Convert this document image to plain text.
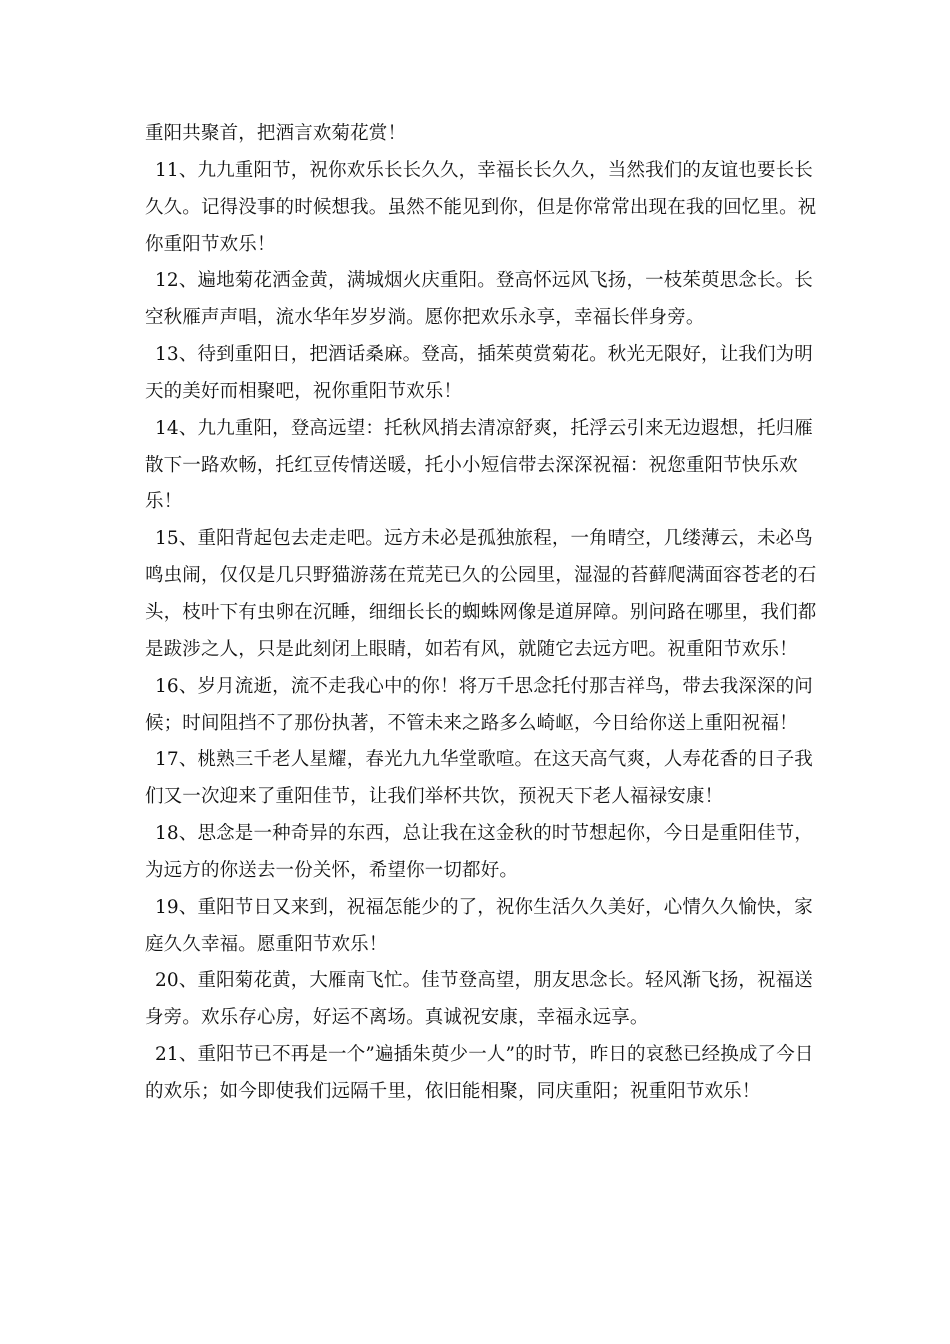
重阳共聚首，把酒言欢菊花赏！

11、九九重阳节，祝你欢乐长长久久，幸福长长久久，当然我们的友谊也要长长久久。记得没事的时候想我。虽然不能见到你，但是你常常出现在我的回忆里。祝你重阳节欢乐！

12、遍地菊花洒金黄，满城烟火庆重阳。登高怀远风飞扬，一枝茱萸思念长。长空秋雁声声唱，流水华年岁岁淌。愿你把欢乐永享，幸福长伴身旁。

13、待到重阳日，把酒话桑麻。登高，插茱萸赏菊花。秋光无限好，让我们为明天的美好而相聚吧，祝你重阳节欢乐！

14、九九重阳，登高远望：托秋风捎去清凉舒爽，托浮云引来无边遐想，托归雁散下一路欢畅，托红豆传情送暖，托小小短信带去深深祝福：祝您重阳节快乐欢乐！

15、重阳背起包去走走吧。远方未必是孤独旅程，一角晴空，几缕薄云，未必鸟鸣虫闹，仅仅是几只野猫游荡在荒芜已久的公园里，湿湿的苔藓爬满面容苍老的石头，枝叶下有虫卵在沉睡，细细长长的蜘蛛网像是道屏障。别问路在哪里，我们都是跋涉之人，只是此刻闭上眼睛，如若有风，就随它去远方吧。祝重阳节欢乐！

16、岁月流逝，流不走我心中的你！将万千思念托付那吉祥鸟，带去我深深的问候；时间阻挡不了那份执著，不管未来之路多么崎岖，今日给你送上重阳祝福！

17、桃熟三千老人星耀，春光九九华堂歌喧。在这天高气爽，人寿花香的日子我们又一次迎来了重阳佳节，让我们举杯共饮，预祝天下老人福禄安康！

18、思念是一种奇异的东西，总让我在这金秋的时节想起你，今日是重阳佳节，为远方的你送去一份关怀，希望你一切都好。

19、重阳节日又来到，祝福怎能少的了，祝你生活久久美好，心情久久愉快，家庭久久幸福。愿重阳节欢乐！

20、重阳菊花黄，大雁南飞忙。佳节登高望，朋友思念长。轻风渐飞扬，祝福送身旁。欢乐存心房，好运不离场。真诚祝安康，幸福永远享。

21、重阳节已不再是一个”遍插朱萸少一人”的时节，昨日的哀愁已经换成了今日的欢乐；如今即使我们远隔千里，依旧能相聚，同庆重阳；祝重阳节欢乐！
